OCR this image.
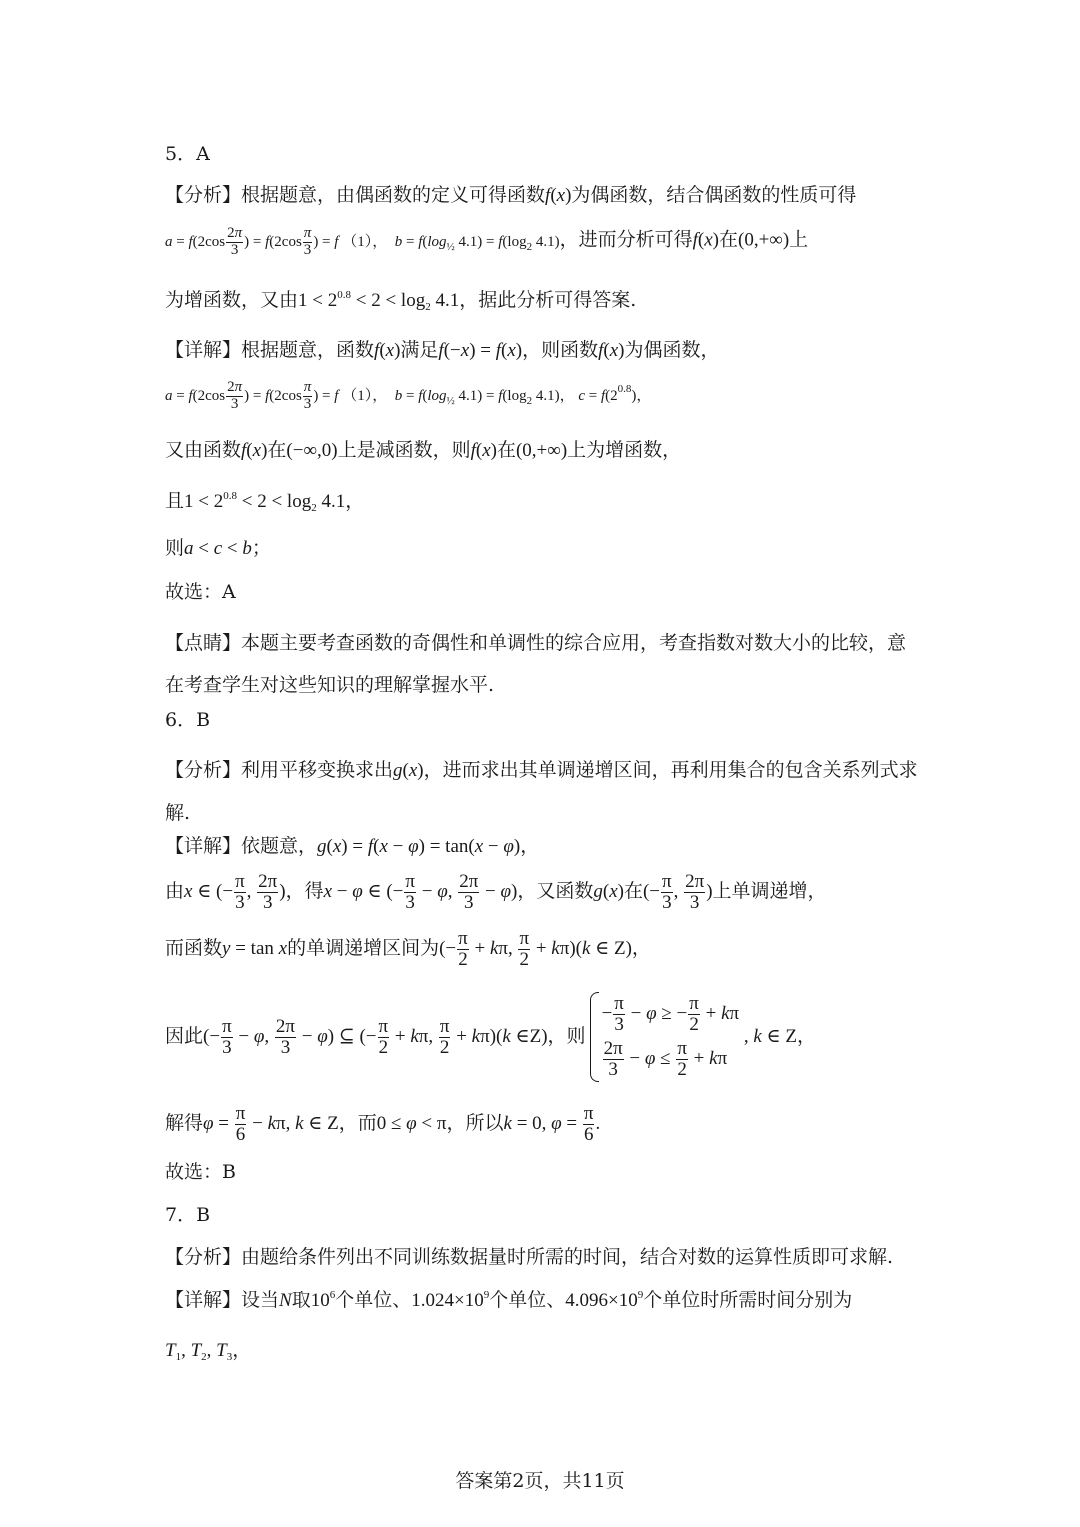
5．A
【分析】根据题意，由偶函数的定义可得函数f(x)为偶函数，结合偶函数的性质可得
$a = f(2\cos \frac{2\pi}{3}$ ) = $f(2\cos \frac{\pi}{3}$ ) = f （1），  $b = f(\log_{\frac{1}{2}}$ $4.1) = f(\log_2$ 4.1)，进而分析可得f(x)在(0,+∞)上
为增函数，又由$1 < 2^{0.8} < 2 < \log_2 4.1$，据此分析可得答案.
【详解】根据题意，函数f(x)满足f(−x) = f(x)，则函数f(x)为偶函数，
$a = f(2\cos \frac{2\pi}{3}$ ) = $f(2\cos \frac{\pi}{3}$ ) = f （1），  $b = f(\log_{\frac{1}{2}}$ $4.1) = f(\log_2$ 4.1)， $c = f(2^{0.8})$，
又由函数f(x)在(−∞,0)上是减函数，则f(x)在(0,+∞)上为增函数，
且$1 < 2^{0.8} < 2 < \log_2 4.1$，
则a < c < b；
故选：A
【点睛】本题主要考查函数的奇偶性和单调性的综合应用，考查指数对数大小的比较，意在考查学生对这些知识的理解掌握水平.
6．B
【分析】利用平移变换求出g(x)，进而求出其单调递增区间，再利用集合的包含关系列式求解.
【详解】依题意，g(x) = f(x − φ) = tan(x − φ)，
由x ∈ (− $\frac{\pi}{3}$ , $\frac{2\pi}{3}$ )，得x − φ ∈ (− $\frac{\pi}{3} - \varphi$, $\frac{2\pi}{3} - \varphi$)，又函数g(x)在(− $\frac{\pi}{3}$ , $\frac{2\pi}{3}$ )上单调递增，
而函数y = tan x的单调递增区间为(− $\frac{\pi}{2} + k\pi$, $\frac{\pi}{2} + k\pi)(k$ ∈ Z)，
因此(− $\frac{\pi}{3} - \varphi$, $\frac{2\pi}{3} - \varphi$) ⊆ (− $\frac{\pi}{2} + k\pi$, $\frac{\pi}{2} + k\pi)(k$ ∈Z)，则
− $\frac{\pi}{3} - \varphi$ ≥ − $\frac{\pi}{2} + k\pi$
$\frac{2\pi}{3} - \varphi \le \frac{\pi}{2} + k\pi$
, k ∈ Z，
解得$\varphi = \frac{\pi}{6} - k\pi$, k ∈ Z，而0 ≤ φ < π，所以k = 0, $\varphi = \frac{\pi}{6}$ .
故选：B
7．B
【分析】由题给条件列出不同训练数据量时所需的时间，结合对数的运算性质即可求解.
【详解】设当N取$10^6$个单位、$1.024\times 10^9$个单位、$4.096\times 10^9$个单位时所需时间分别为
$T_1$, $T_2$, $T_3$，
答案第2页，共11页
